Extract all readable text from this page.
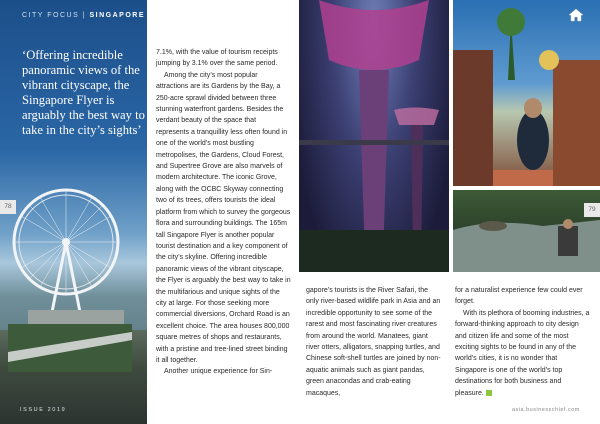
CITY FOCUS | SINGAPORE
‘Offering incredible panoramic views of the vibrant cityscape, the Singapore Flyer is arguably the best way to take in the city’s sights’
78
ISSUE 2019

7.1%, with the value of tourism receipts jumping by 3.1% over the same period.

Among the city’s most popular attractions are its Gardens by the Bay, a 250-acre sprawl divided between three stunning waterfront gardens. Besides the verdant beauty of the space that represents a tranquillity less often found in one of the world’s most bustling metropolises, the Gardens, Cloud Forest, and Supertree Grove are also marvels of modern architecture. The iconic Grove, along with the OCBC Skyway connecting two of its trees, offers tourists the ideal platform from which to survey the gorgeous flora and surrounding buildings. The 165m tall Singapore Flyer is another popular tourist destination and a key component of the city’s skyline. Offering incredible panoramic views of the vibrant cityscape, the Flyer is arguably the best way to take in the multifarious and unique sights of the city at large. For those seeking more commercial diversions, Orchard Road is an excellent choice. The area houses 800,000 square metres of shops and restaurants, with a pristine and tree-lined street binding it all together.

Another unique experience for Sin-

79

gapore’s tourists is the River Safari, the only river-based wildlife park in Asia and an incredible opportunity to see some of the rarest and most fascinating river creatures from around the world. Manatees, giant river otters, alligators, snapping turtles, and Chinese soft-shell turtles are joined by non-aquatic animals such as giant pandas, green anacondas and crab-eating macaques,

for a naturalist experience few could ever forget.

With its plethora of booming industries, a forward-thinking approach to city design and citizen life and some of the most exciting sights to be found in any of the world’s cities, it is no wonder that Singapore is one of the world’s top destinations for both business and pleasure.

asia.businesschief.com
